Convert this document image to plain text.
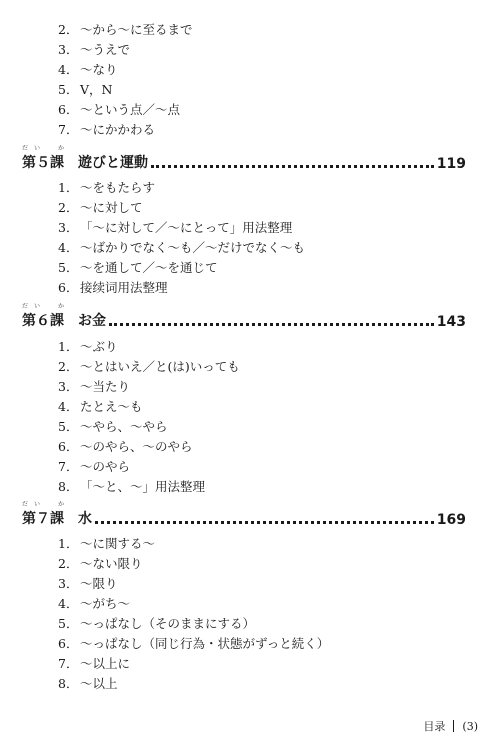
2． ～から～に至るまで
3． ～うえで
4． ～なり
5． V，N
6． ～という点／～点
7． ～にかかわる
だい　か
第５課 遊びと運動	119
1． ～をもたらす
2． ～に対して
3． 「～に対して／～にとって」用法整理
4． ～ばかりでなく～も／～だけでなく～も
5． ～を通して／～を通じて
6． 接续词用法整理
だい　か
第６課 お金	143
1． ～ぶり
2． ～とはいえ／と(は)いっても
3． ～当たり
4． たとえ～も
5． ～やら、～やら
6． ～のやら、～のやら
7． ～のやら
8． 「～と、～」用法整理
だい　か
第７課 水	169
1． ～に関する～
2． ～ない限り
3． ～限り
4． ～がち～
5． ～っぱなし（そのままにする）
6． ～っぱなし（同じ行為・状態がずっと続く）
7． ～以上に
8． ～以上
目录 (3)
